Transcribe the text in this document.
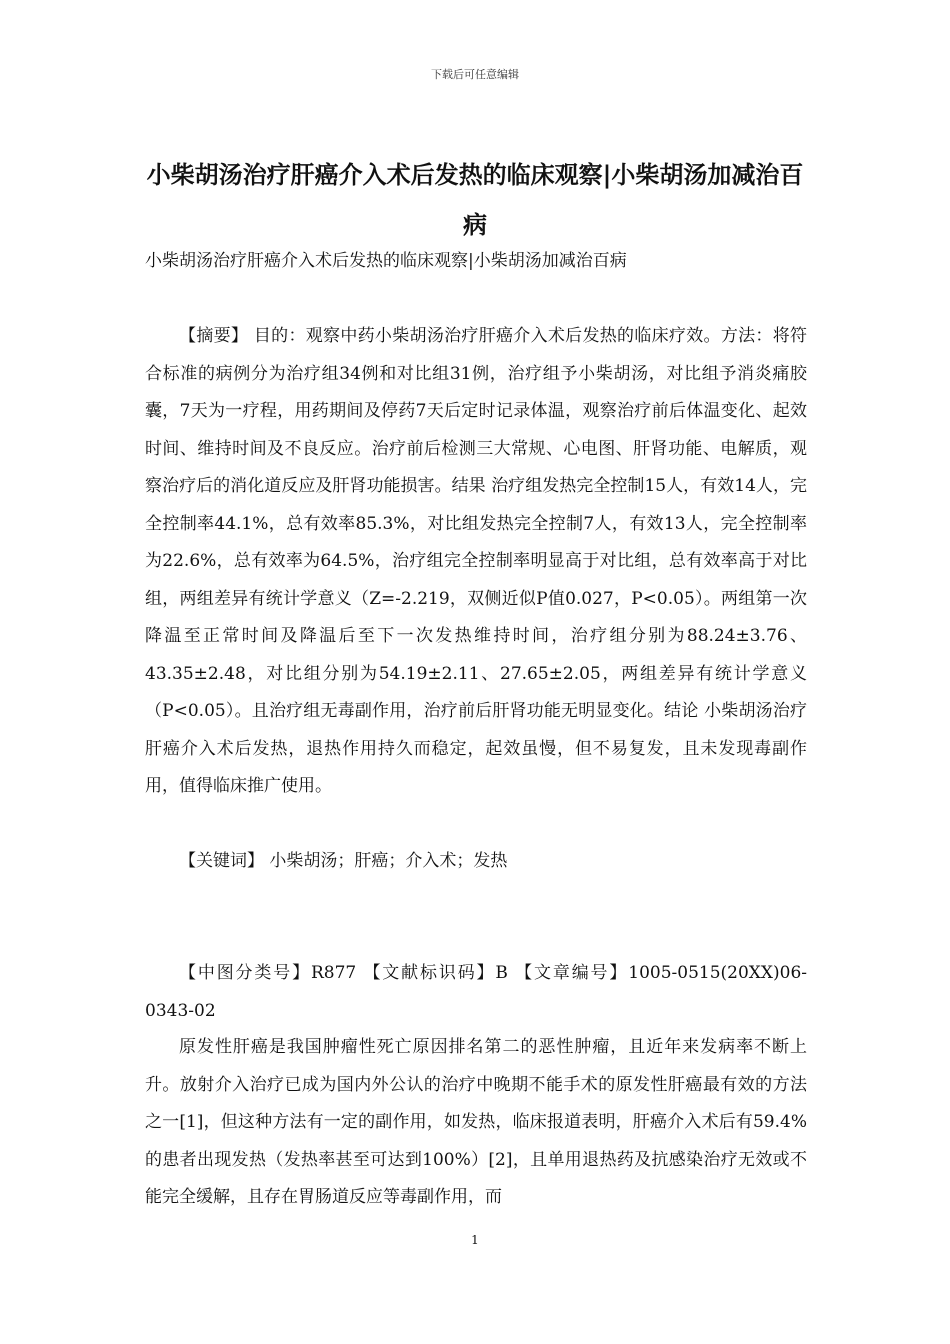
下载后可任意编辑
小柴胡汤治疗肝癌介入术后发热的临床观察|小柴胡汤加减治百病
小柴胡汤治疗肝癌介入术后发热的临床观察|小柴胡汤加减治百病

【摘要】 目的：观察中药小柴胡汤治疗肝癌介入术后发热的临床疗效。方法：将符合标准的病例分为治疗组34例和对比组31例，治疗组予小柴胡汤，对比组予消炎痛胶囊，7天为一疗程，用药期间及停药7天后定时记录体温，观察治疗前后体温变化、起效时间、维持时间及不良反应。治疗前后检测三大常规、心电图、肝肾功能、电解质，观察治疗后的消化道反应及肝肾功能损害。结果 治疗组发热完全控制15人，有效14人，完全控制率44.1%，总有效率85.3%，对比组发热完全控制7人，有效13人，完全控制率为22.6%，总有效率为64.5%，治疗组完全控制率明显高于对比组，总有效率高于对比组，两组差异有统计学意义（Z=-2.219，双侧近似P值0.027，P<0.05）。两组第一次降温至正常时间及降温后至下一次发热维持时间，治疗组分别为88.24±3.76、43.35±2.48，对比组分别为54.19±2.11、27.65±2.05，两组差异有统计学意义（P<0.05）。且治疗组无毒副作用，治疗前后肝肾功能无明显变化。结论 小柴胡汤治疗肝癌介入术后发热，退热作用持久而稳定，起效虽慢，但不易复发，且未发现毒副作用，值得临床推广使用。

【关键词】 小柴胡汤；肝癌；介入术；发热

【中图分类号】R877 【文献标识码】B 【文章编号】1005-0515(20XX)06-0343-02

原发性肝癌是我国肿瘤性死亡原因排名第二的恶性肿瘤，且近年来发病率不断上升。放射介入治疗已成为国内外公认的治疗中晚期不能手术的原发性肝癌最有效的方法之一[1]，但这种方法有一定的副作用，如发热，临床报道表明，肝癌介入术后有59.4%的患者出现发热（发热率甚至可达到100%）[2]，且单用退热药及抗感染治疗无效或不能完全缓解，且存在胃肠道反应等毒副作用，而

1
